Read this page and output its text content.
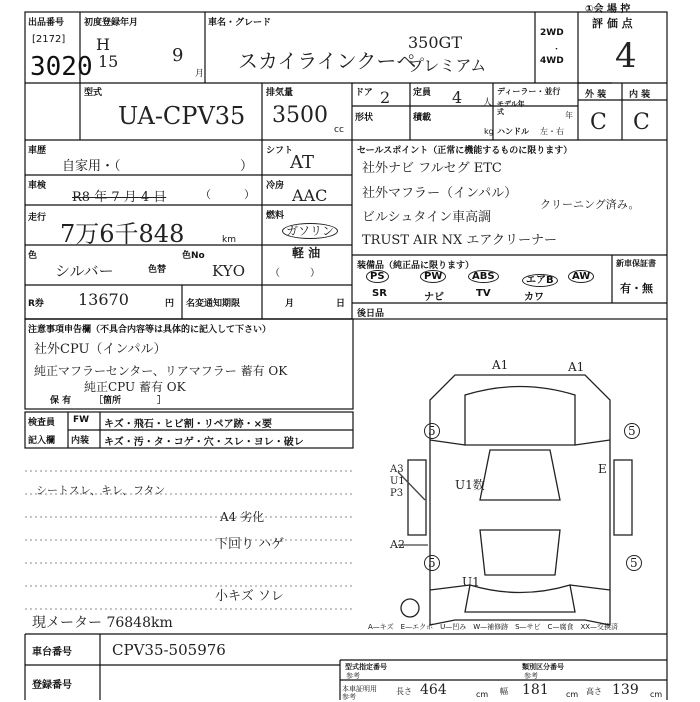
①会 場 控
出品番号
[2172]
3020
初度登録年月
H
15	9
月
車名・グレード
スカイラインクーペ
350GT
プレミアム
2WD
・
4WD
評 価 点
4
外 装	内 装
C C
型式
UA-CPV35
排気量
3500
cc
ドア 2	定員 4 人
形状	積載
kg
ディーラー・並行
モデル年式	年
ハンドル 左・右
車歴
自家用・（	）
シフト
AT
車検
R8 年 7 月 4 日	（　　　）
冷房 AAC
走行
7万6千848	km
燃料
ガソリン
軽 油
（　　　）
色
シルバー	色替
色No
KYO
R券 13670	円 名変通知期限	月	日
セールスポイント（正常に機能するものに限ります）
社外ナビ フルセグ ETC
社外マフラー（インパル）
ビルシュタイン車高調
TRUST AIR NX エアクリーナー
クリーニング済み。
装備品（純正品に限ります）	新車保証書
有・無
PS	PW	ABS	エアB	AW
SR	ナビ	TV	カワ
後日品
注意事項申告欄（不具合内容等は具体的に記入して下さい）
社外CPU（インパル）
純正マフラーセンター、リアマフラー 蓄有 OK
純正CPU 蓄有 OK
保 有	［箇所　　　　］
検査員
記入欄
FW キズ・飛石・ヒビ割・リペア跡・×要
内装 キズ・汚・タ・コゲ・穴・スレ・ヨレ・破レ
シートスレ、キレ、フタン
A4 劣化
下回り ハゲ
小キズ ソレ
現メーター 76848km
A1	A1
5	5
5	5
A3
U1
P3
A2
E
U1数
U1
A—キズ　E—エクボ　U—凹み　W—補修跡　S—サビ　C—腐食　XX—交換済
車台番号	CPV35-505976
登録番号
型式指定番号
参考
類別区分番号
参考
本車証明用
参考
長さ 464	cm 幅 181 cm 高さ 139 cm
